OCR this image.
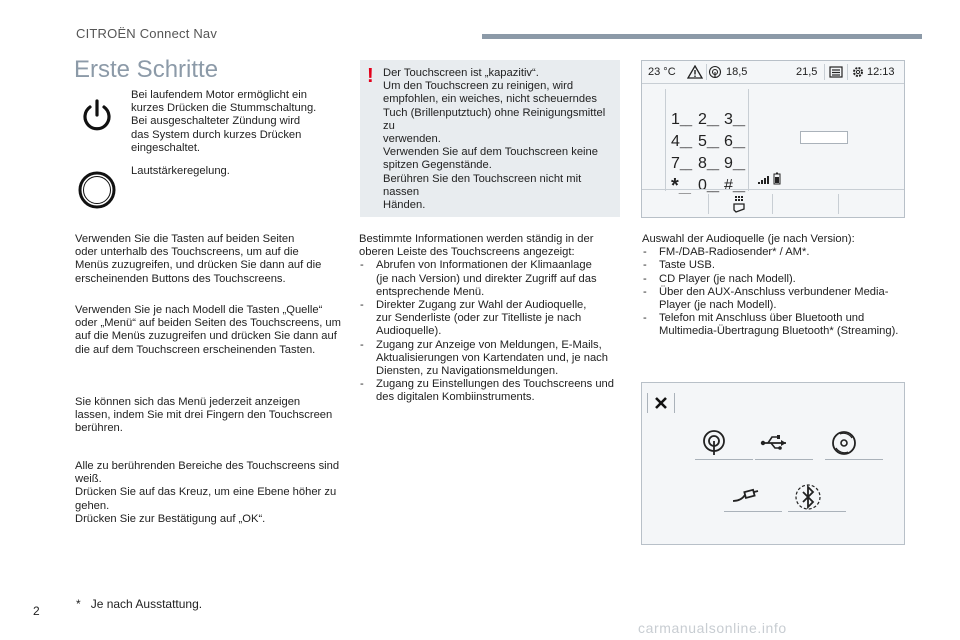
CITROËN Connect Nav
Erste Schritte
Bei laufendem Motor ermöglicht ein
kurzes Drücken die Stummschaltung.
Bei ausgeschalteter Zündung wird
das System durch kurzes Drücken
eingeschaltet.
Lautstärkeregelung.
Verwenden Sie die Tasten auf beiden Seiten
oder unterhalb des Touchscreens, um auf die
Menüs zuzugreifen, und drücken Sie dann auf die
erscheinenden Buttons des Touchscreens.
Verwenden Sie je nach Modell die Tasten „Quelle“
oder „Menü“ auf beiden Seiten des Touchscreens, um
auf die Menüs zuzugreifen und drücken Sie dann auf
die auf dem Touchscreen erscheinenden Tasten.
Sie können sich das Menü jederzeit anzeigen
lassen, indem Sie mit drei Fingern den Touchscreen
berühren.
Alle zu berührenden Bereiche des Touchscreens sind
weiß.
Drücken Sie auf das Kreuz, um eine Ebene höher zu
gehen.
Drücken Sie zur Bestätigung auf „OK“.
! Der Touchscreen ist „kapazitiv“.
Um den Touchscreen zu reinigen, wird
empfohlen, ein weiches, nicht scheuerndes
Tuch (Brillenputztuch) ohne Reinigungsmittel zu
verwenden.
Verwenden Sie auf dem Touchscreen keine
spitzen Gegenstände.
Berühren Sie den Touchscreen nicht mit nassen
Händen.
Bestimmte Informationen werden ständig in der
oberen Leiste des Touchscreens angezeigt:
- Abrufen von Informationen der Klimaanlage
(je nach Version) und direkter Zugriff auf das
entsprechende Menü.
- Direkter Zugang zur Wahl der Audioquelle,
zur Senderliste (oder zur Titelliste je nach
Audioquelle).
- Zugang zur Anzeige von Meldungen, E-Mails,
Aktualisierungen von Kartendaten und, je nach
Diensten, zu Navigationsmeldungen.
- Zugang zu Einstellungen des Touchscreens und
des digitalen Kombiinstruments.
23 °C	18,5	21,5	12:13
1__ 2__ 3__
4__ 5__ 6__
7__ 8__ 9__
*__ 0__ #__
Auswahl der Audioquelle (je nach Version):
- FM-/DAB-Radiosender* / AM*.
- Taste USB.
- CD Player (je nach Modell).
- Über den AUX-Anschluss verbundener Media-
Player (je nach Modell).
- Telefon mit Anschluss über Bluetooth und
Multimedia-Übertragung Bluetooth* (Streaming).
* Je nach Ausstattung.
2
carmanualsonline.info
